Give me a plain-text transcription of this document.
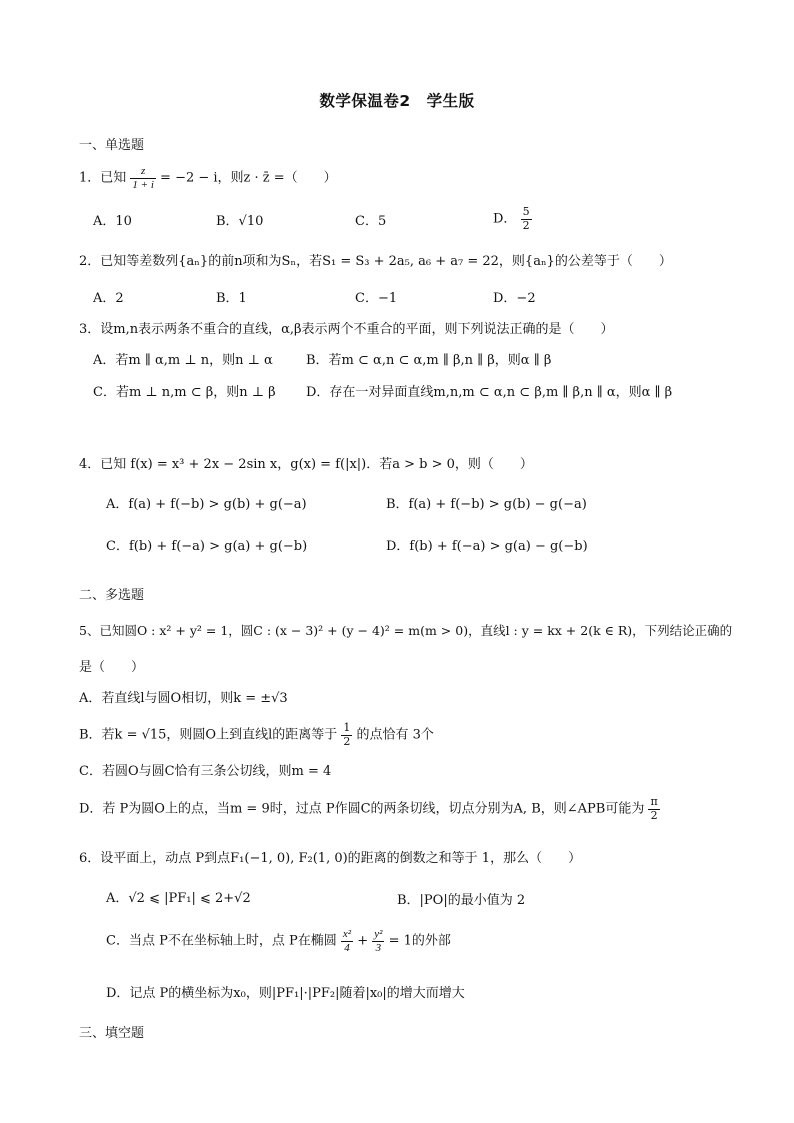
数学保温卷2　学生版
一、单选题
1．已知 $\frac{z}{1 + i} = -2 - i$，则z · z̄ =（　　）
A．10	B．√10	C．5	D． $\frac{5}{2}$
2．已知等差数列{aₙ}的前n项和为Sₙ，若S₁ = S₃ + 2a₅, a₆ + a₇ = 22，则{aₙ}的公差等于（　　）
A．2	B．1	C．−1	D．−2
3．设m,n表示两条不重合的直线，α,β表示两个不重合的平面，则下列说法正确的是（　　）
A．若m ∥ α,m ⊥ n，则n ⊥ α	B．若m ⊂ α,n ⊂ α,m ∥ β,n ∥ β，则α ∥ β
C．若m ⊥ n,m ⊂ β，则n ⊥ β D．存在一对异面直线m,n,m ⊂ α,n ⊂ β,m ∥ β,n ∥ α，则α ∥ β
4．已知 f(x) = x³ + 2x − 2sin x，g(x) = f(|x|)．若a > b > 0，则（　　）
A．f(a) + f(−b) > g(b) + g(−a)	B．f(a) + f(−b) > g(b) − g(−a)
C．f(b) + f(−a) > g(a) + g(−b)	D．f(b) + f(−a) > g(a) − g(−b)
二、多选题
5、已知圆O : x² + y² = 1，圆C : (x − 3)² + (y − 4)² = m(m > 0)，直线l : y = kx + 2(k ∈ R)，下列结论正确的
是（　　）
A．若直线l与圆O相切，则k = ±√3
B．若k = √15，则圆O上到直线l的距离等于 $\frac{1}{2}$ 的点恰有 3个
C．若圆O与圆C恰有三条公切线，则m = 4
D．若 P为圆O上的点，当m = 9时，过点 P作圆C的两条切线，切点分别为A, B，则∠APB可能为 $\frac{\pi}{2}$
6．设平面上，动点 P到点F₁(−1, 0), F₂(1, 0)的距离的倒数之和等于 1，那么（　　）
A．√2 ⩽ |PF₁| ⩽ 2+√2	B．|PO|的最小值为 2
C．当点 P不在坐标轴上时，点 P在椭圆 $\frac{\text{x²}}{4} + \frac{\text{y²}}{3} = 1$的外部
D．记点 P的横坐标为x₀，则|PF₁|·|PF₂|随着|x₀|的增大而增大
三、填空题
